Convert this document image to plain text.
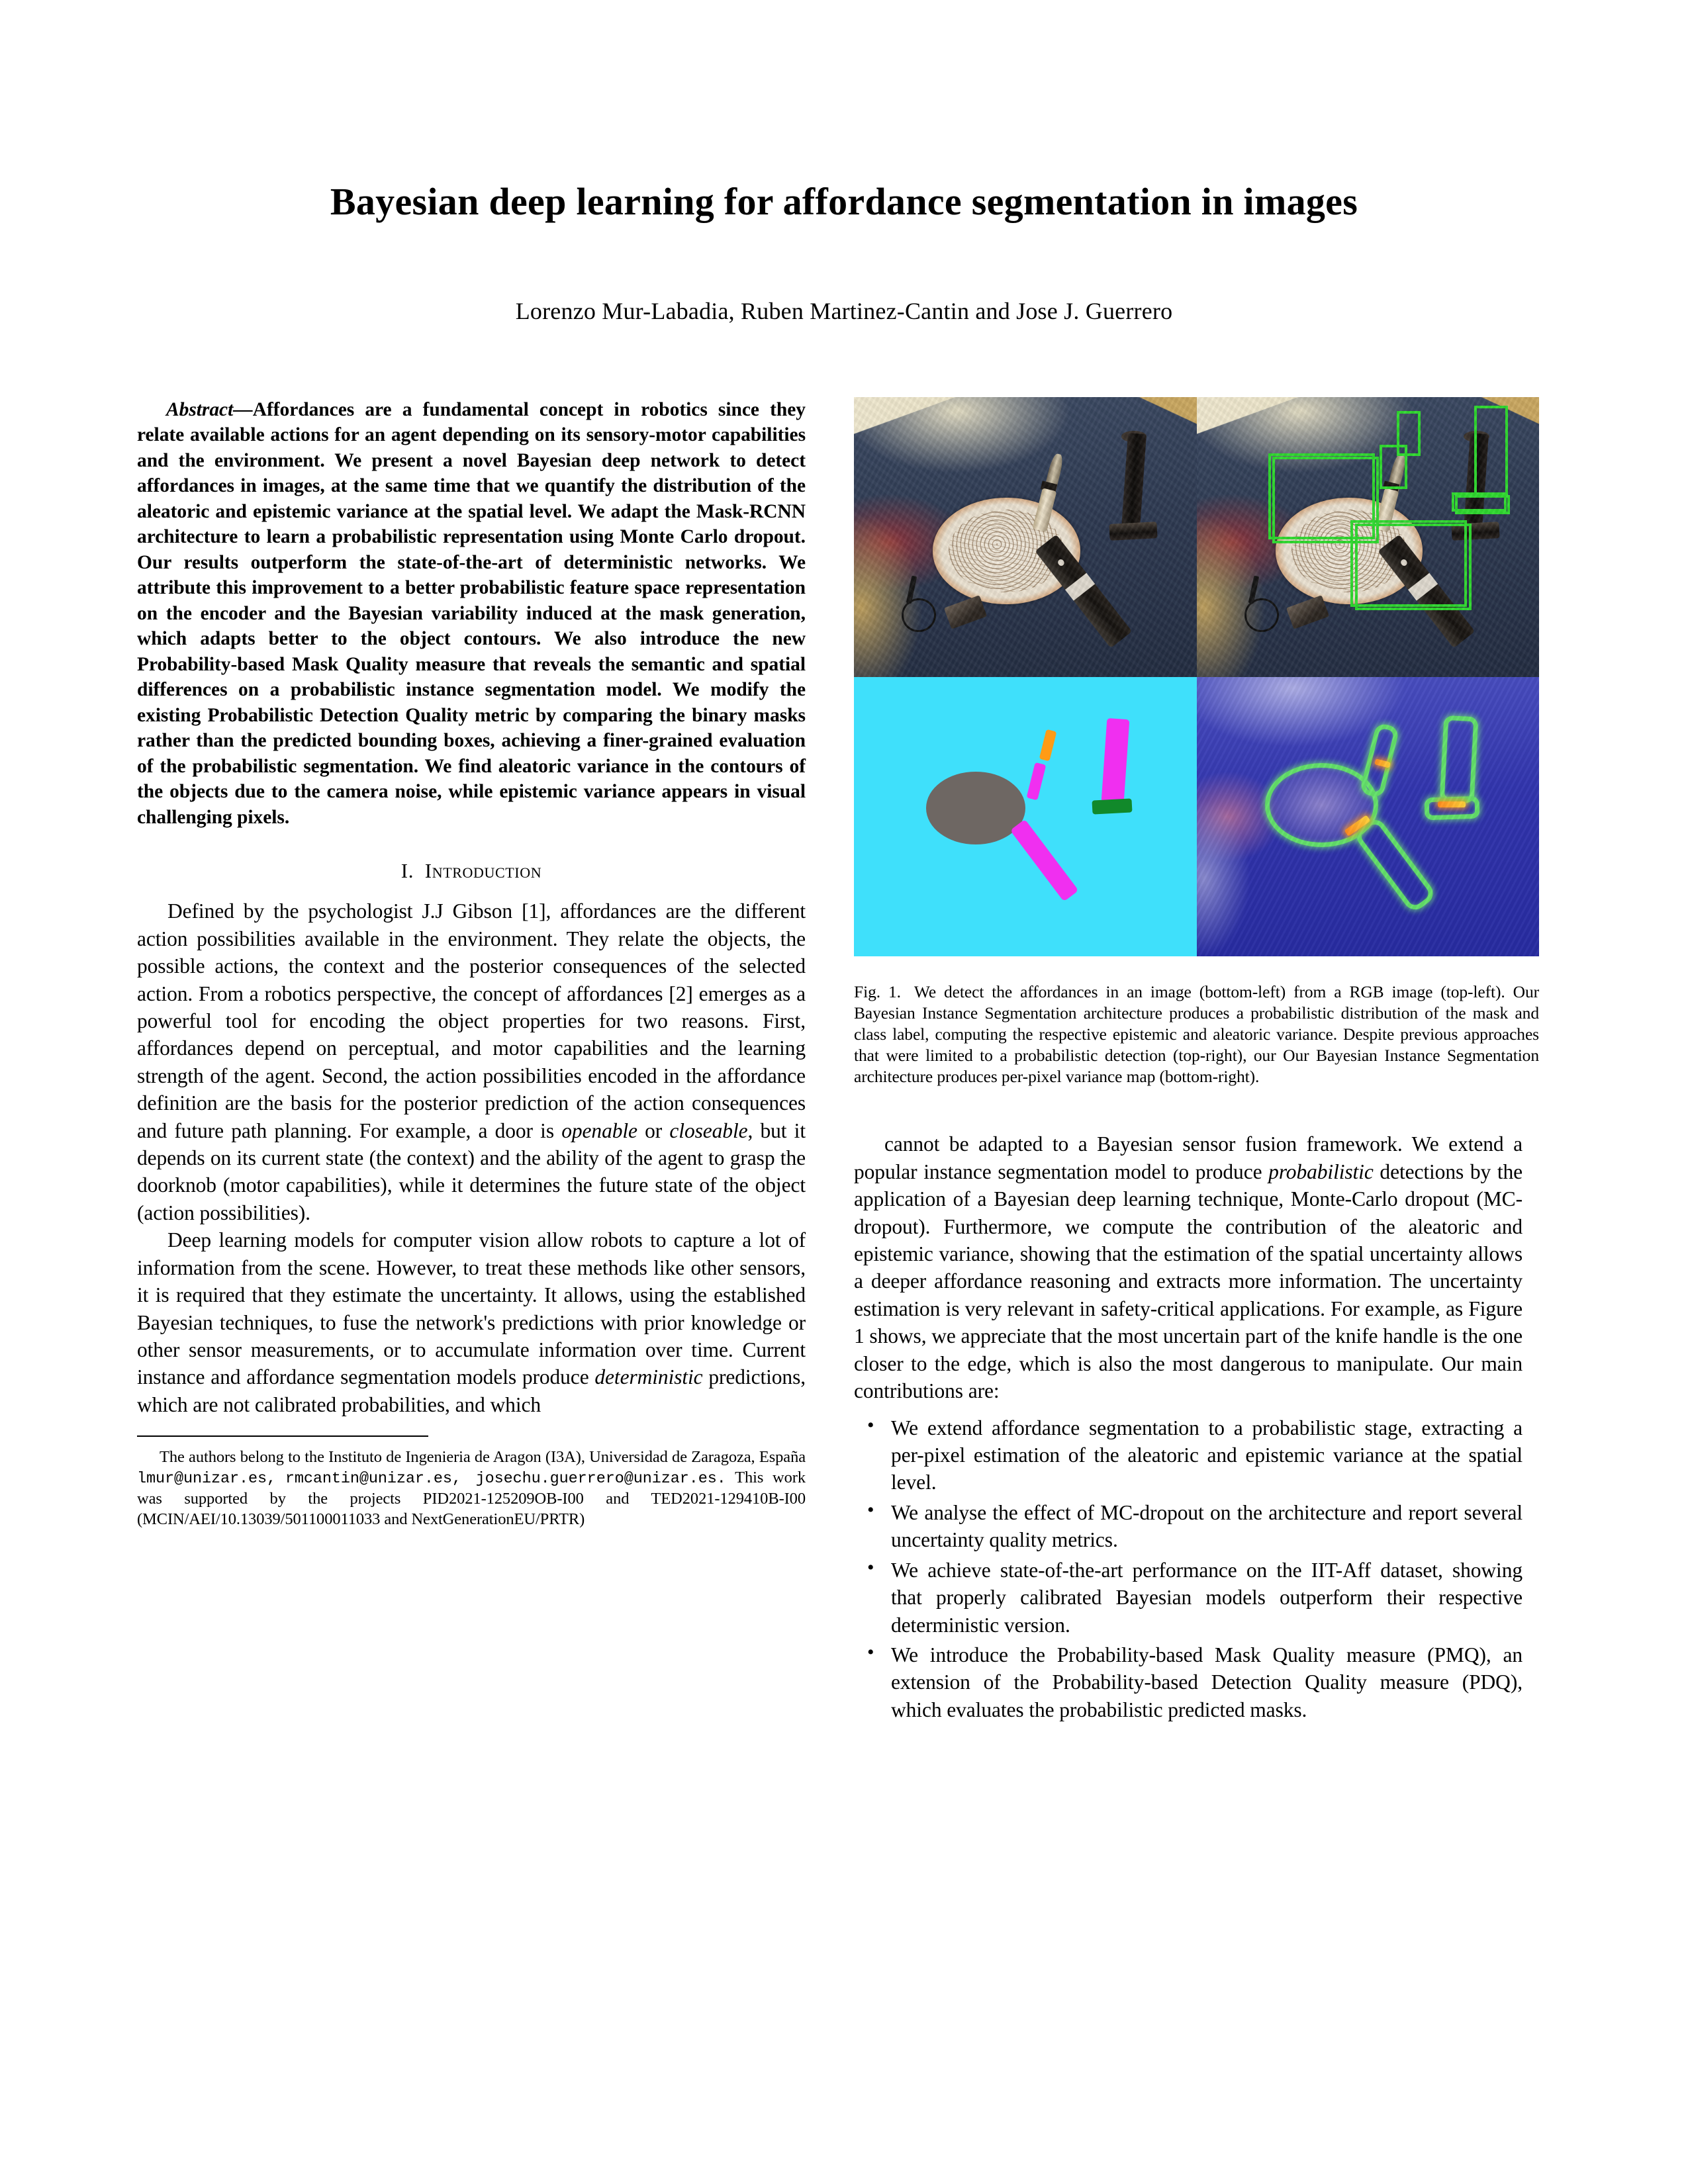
Bayesian deep learning for affordance segmentation in images
Lorenzo Mur-Labadia, Ruben Martinez-Cantin and Jose J. Guerrero
Abstract—Affordances are a fundamental concept in robotics since they relate available actions for an agent depending on its sensory-motor capabilities and the environment. We present a novel Bayesian deep network to detect affordances in images, at the same time that we quantify the distribution of the aleatoric and epistemic variance at the spatial level. We adapt the Mask-RCNN architecture to learn a probabilistic representation using Monte Carlo dropout. Our results outperform the state-of-the-art of deterministic networks. We attribute this improvement to a better probabilistic feature space representation on the encoder and the Bayesian variability induced at the mask generation, which adapts better to the object contours. We also introduce the new Probability-based Mask Quality measure that reveals the semantic and spatial differences on a probabilistic instance segmentation model. We modify the existing Probabilistic Detection Quality metric by comparing the binary masks rather than the predicted bounding boxes, achieving a finer-grained evaluation of the probabilistic segmentation. We find aleatoric variance in the contours of the objects due to the camera noise, while epistemic variance appears in visual challenging pixels.
I. Introduction

Defined by the psychologist J.J Gibson [1], affordances are the different action possibilities available in the environment. They relate the objects, the possible actions, the context and the posterior consequences of the selected action. From a robotics perspective, the concept of affordances [2] emerges as a powerful tool for encoding the object properties for two reasons. First, affordances depend on perceptual, and motor capabilities and the learning strength of the agent. Second, the action possibilities encoded in the affordance definition are the basis for the posterior prediction of the action consequences and future path planning. For example, a door is openable or closeable, but it depends on its current state (the context) and the ability of the agent to grasp the doorknob (motor capabilities), while it determines the future state of the object (action possibilities).

Deep learning models for computer vision allow robots to capture a lot of information from the scene. However, to treat these methods like other sensors, it is required that they estimate the uncertainty. It allows, using the established Bayesian techniques, to fuse the network's predictions with prior knowledge or other sensor measurements, or to accumulate information over time. Current instance and affordance segmentation models produce deterministic predictions, which are not calibrated probabilities, and which

The authors belong to the Instituto de Ingenieria de Aragon (I3A), Universidad de Zaragoza, España lmur@unizar.es, rmcantin@unizar.es, josechu.guerrero@unizar.es. This work was supported by the projects PID2021-125209OB-I00 and TED2021-129410B-I00 (MCIN/AEI/10.13039/501100011033 and NextGenerationEU/PRTR)
Fig. 1. We detect the affordances in an image (bottom-left) from a RGB image (top-left). Our Bayesian Instance Segmentation architecture produces a probabilistic distribution of the mask and class label, computing the respective epistemic and aleatoric variance. Despite previous approaches that were limited to a probabilistic detection (top-right), our Our Bayesian Instance Segmentation architecture produces per-pixel variance map (bottom-right).

cannot be adapted to a Bayesian sensor fusion framework. We extend a popular instance segmentation model to produce probabilistic detections by the application of a Bayesian deep learning technique, Monte-Carlo dropout (MC-dropout). Furthermore, we compute the contribution of the aleatoric and epistemic variance, showing that the estimation of the spatial uncertainty allows a deeper affordance reasoning and extracts more information. The uncertainty estimation is very relevant in safety-critical applications. For example, as Figure 1 shows, we appreciate that the most uncertain part of the knife handle is the one closer to the edge, which is also the most dangerous to manipulate. Our main contributions are:

• We extend affordance segmentation to a probabilistic stage, extracting a per-pixel estimation of the aleatoric and epistemic variance at the spatial level.
• We analyse the effect of MC-dropout on the architecture and report several uncertainty quality metrics.
• We achieve state-of-the-art performance on the IIT-Aff dataset, showing that properly calibrated Bayesian models outperform their respective deterministic version.
• We introduce the Probability-based Mask Quality measure (PMQ), an extension of the Probability-based Detection Quality measure (PDQ), which evaluates the probabilistic predicted masks.
